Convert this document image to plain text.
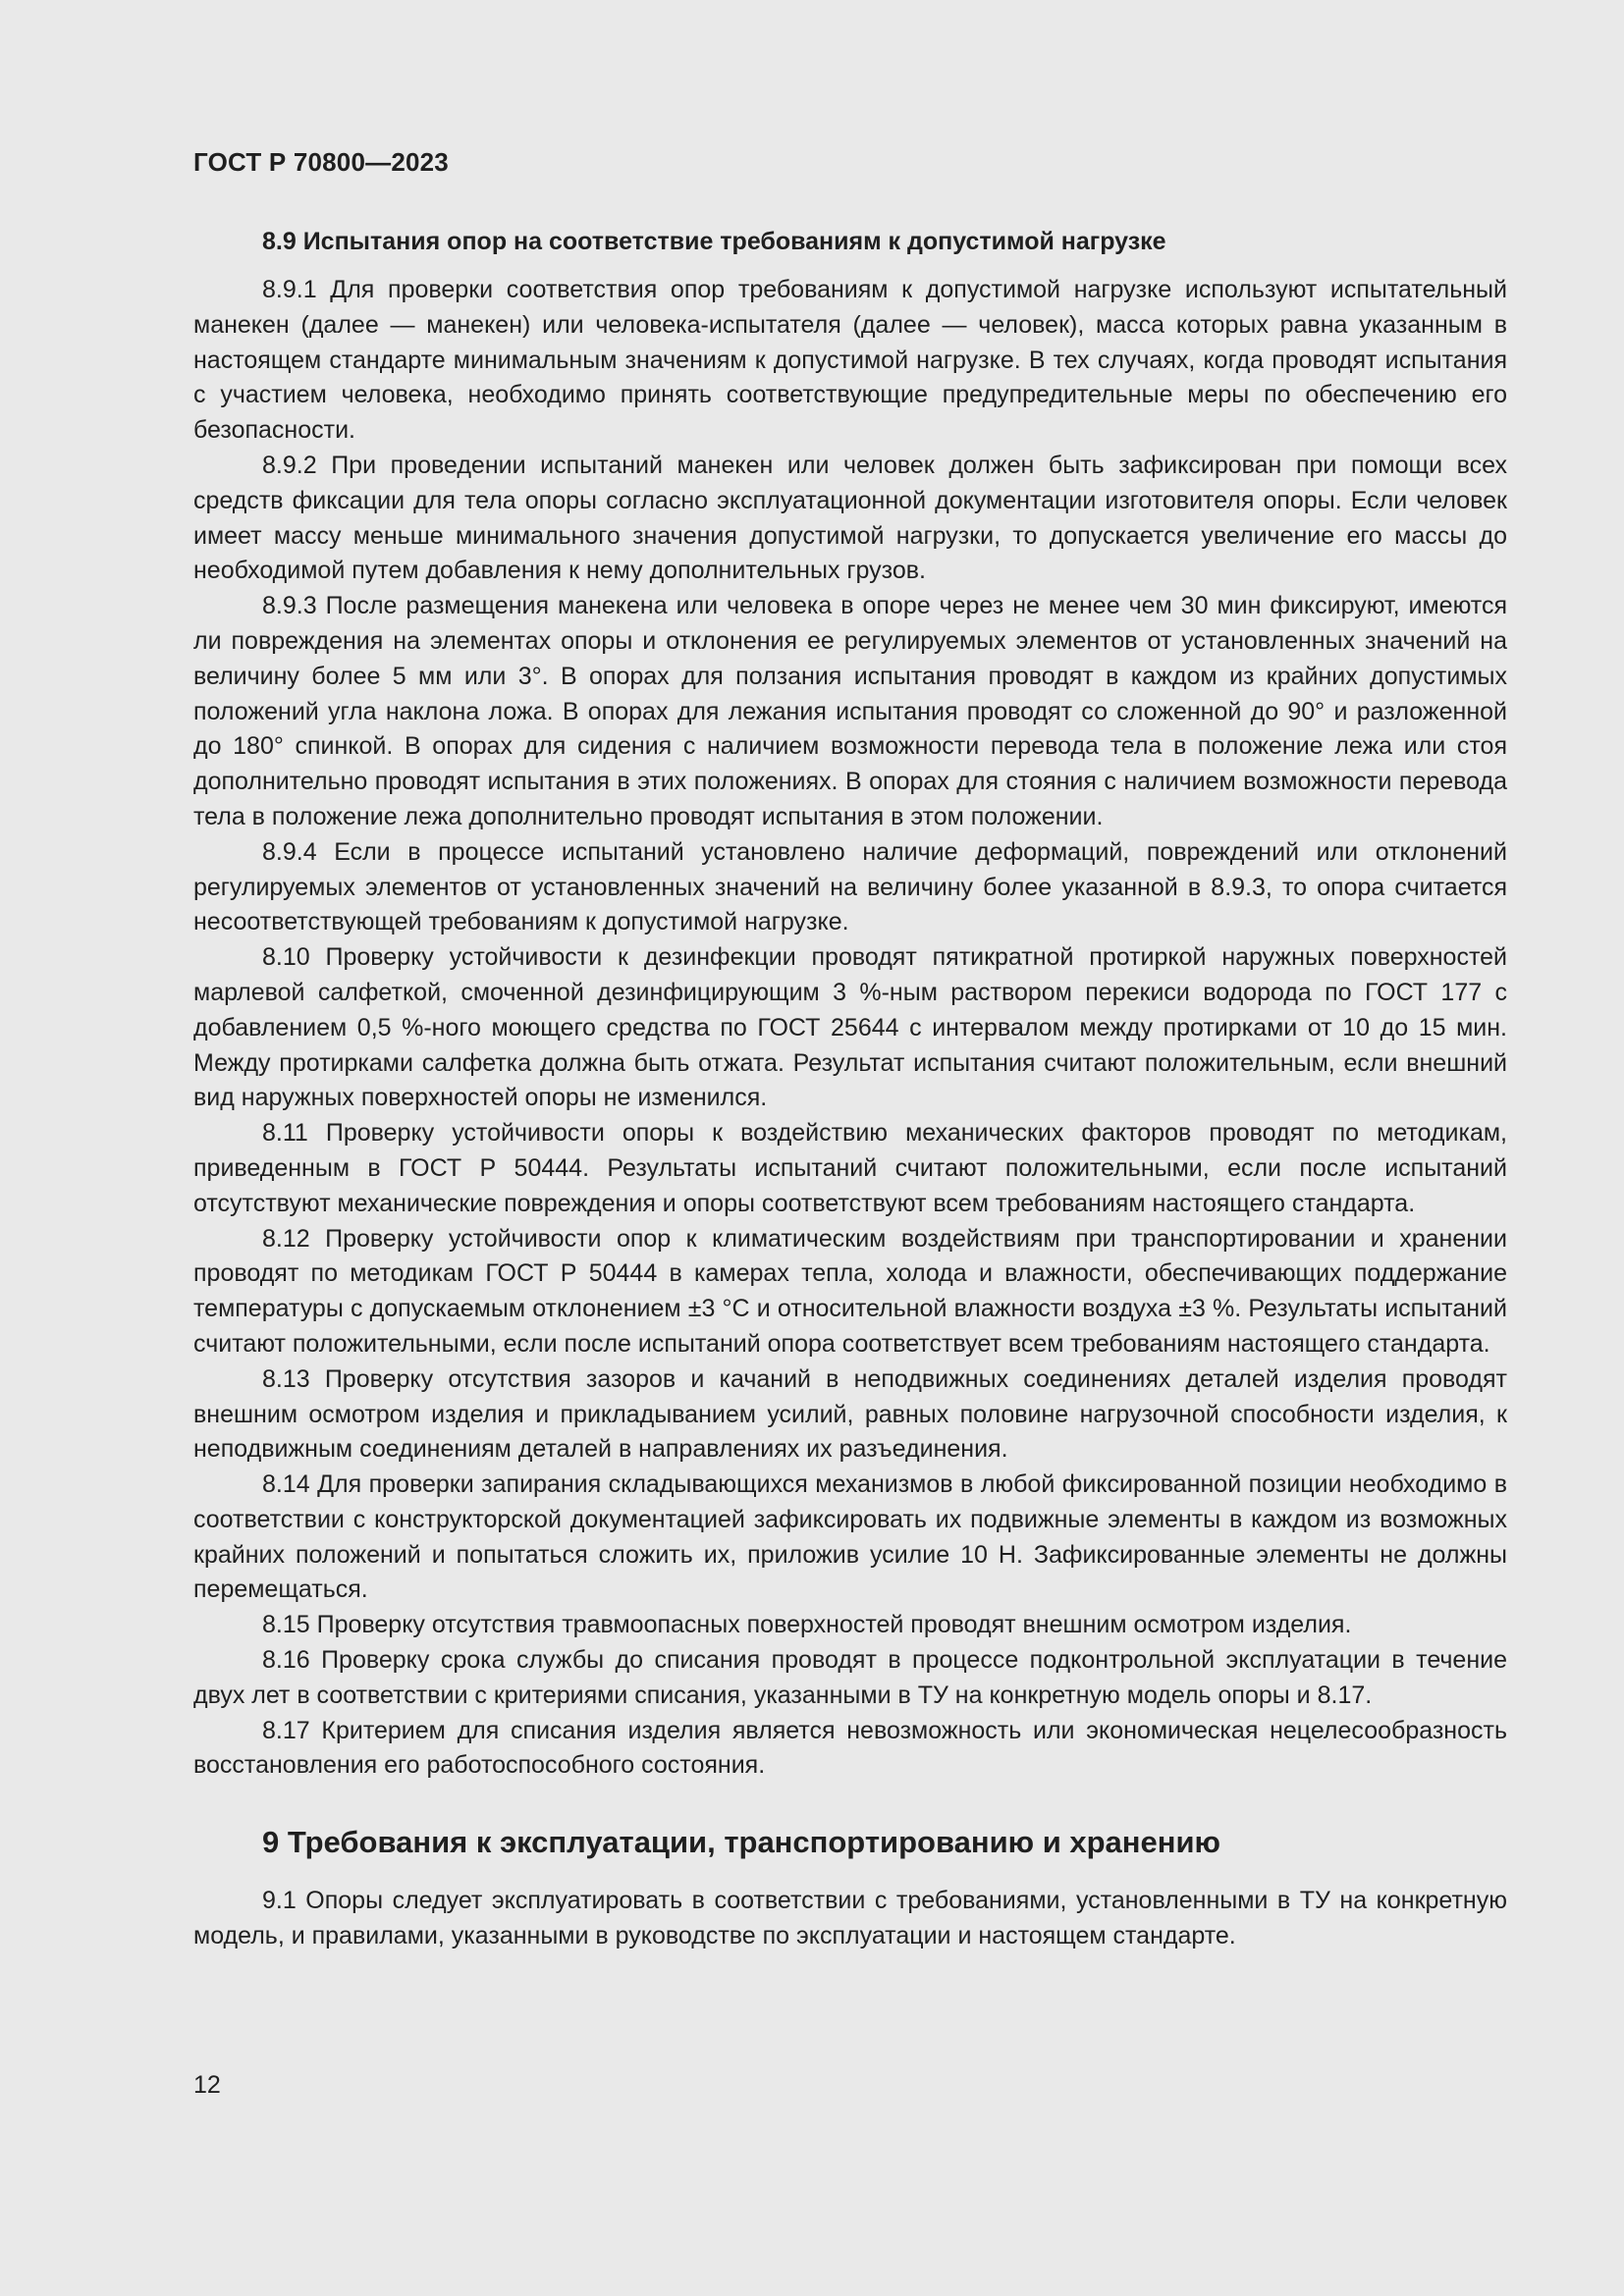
ГОСТ Р 70800—2023
8.9 Испытания опор на соответствие требованиям к допустимой нагрузке

8.9.1 Для проверки соответствия опор требованиям к допустимой нагрузке используют испытательный манекен (далее — манекен) или человека-испытателя (далее — человек), масса которых равна указанным в настоящем стандарте минимальным значениям к допустимой нагрузке. В тех случаях, когда проводят испытания с участием человека, необходимо принять соответствующие предупредительные меры по обеспечению его безопасности.

8.9.2 При проведении испытаний манекен или человек должен быть зафиксирован при помощи всех средств фиксации для тела опоры согласно эксплуатационной документации изготовителя опоры. Если человек имеет массу меньше минимального значения допустимой нагрузки, то допускается увеличение его массы до необходимой путем добавления к нему дополнительных грузов.

8.9.3 После размещения манекена или человека в опоре через не менее чем 30 мин фиксируют, имеются ли повреждения на элементах опоры и отклонения ее регулируемых элементов от установленных значений на величину более 5 мм или 3°. В опорах для ползания испытания проводят в каждом из крайних допустимых положений угла наклона ложа. В опорах для лежания испытания проводят со сложенной до 90° и разложенной до 180° спинкой. В опорах для сидения с наличием возможности перевода тела в положение лежа или стоя дополнительно проводят испытания в этих положениях. В опорах для стояния с наличием возможности перевода тела в положение лежа дополнительно проводят испытания в этом положении.

8.9.4 Если в процессе испытаний установлено наличие деформаций, повреждений или отклонений регулируемых элементов от установленных значений на величину более указанной в 8.9.3, то опора считается несоответствующей требованиям к допустимой нагрузке.

8.10 Проверку устойчивости к дезинфекции проводят пятикратной протиркой наружных поверхностей марлевой салфеткой, смоченной дезинфицирующим 3 %-ным раствором перекиси водорода по ГОСТ 177 с добавлением 0,5 %-ного моющего средства по ГОСТ 25644 с интервалом между протирками от 10 до 15 мин. Между протирками салфетка должна быть отжата. Результат испытания считают положительным, если внешний вид наружных поверхностей опоры не изменился.

8.11 Проверку устойчивости опоры к воздействию механических факторов проводят по методикам, приведенным в ГОСТ Р 50444. Результаты испытаний считают положительными, если после испытаний отсутствуют механические повреждения и опоры соответствуют всем требованиям настоящего стандарта.

8.12 Проверку устойчивости опор к климатическим воздействиям при транспортировании и хранении проводят по методикам ГОСТ Р 50444 в камерах тепла, холода и влажности, обеспечивающих поддержание температуры с допускаемым отклонением ±3 °С и относительной влажности воздуха ±3 %. Результаты испытаний считают положительными, если после испытаний опора соответствует всем требованиям настоящего стандарта.

8.13 Проверку отсутствия зазоров и качаний в неподвижных соединениях деталей изделия проводят внешним осмотром изделия и прикладыванием усилий, равных половине нагрузочной способности изделия, к неподвижным соединениям деталей в направлениях их разъединения.

8.14 Для проверки запирания складывающихся механизмов в любой фиксированной позиции необходимо в соответствии с конструкторской документацией зафиксировать их подвижные элементы в каждом из возможных крайних положений и попытаться сложить их, приложив усилие 10 Н. Зафиксированные элементы не должны перемещаться.

8.15 Проверку отсутствия травмоопасных поверхностей проводят внешним осмотром изделия.

8.16 Проверку срока службы до списания проводят в процессе подконтрольной эксплуатации в течение двух лет в соответствии с критериями списания, указанными в ТУ на конкретную модель опоры и 8.17.

8.17 Критерием для списания изделия является невозможность или экономическая нецелесообразность восстановления его работоспособного состояния.

9 Требования к эксплуатации, транспортированию и хранению

9.1 Опоры следует эксплуатировать в соответствии с требованиями, установленными в ТУ на конкретную модель, и правилами, указанными в руководстве по эксплуатации и настоящем стандарте.

12
